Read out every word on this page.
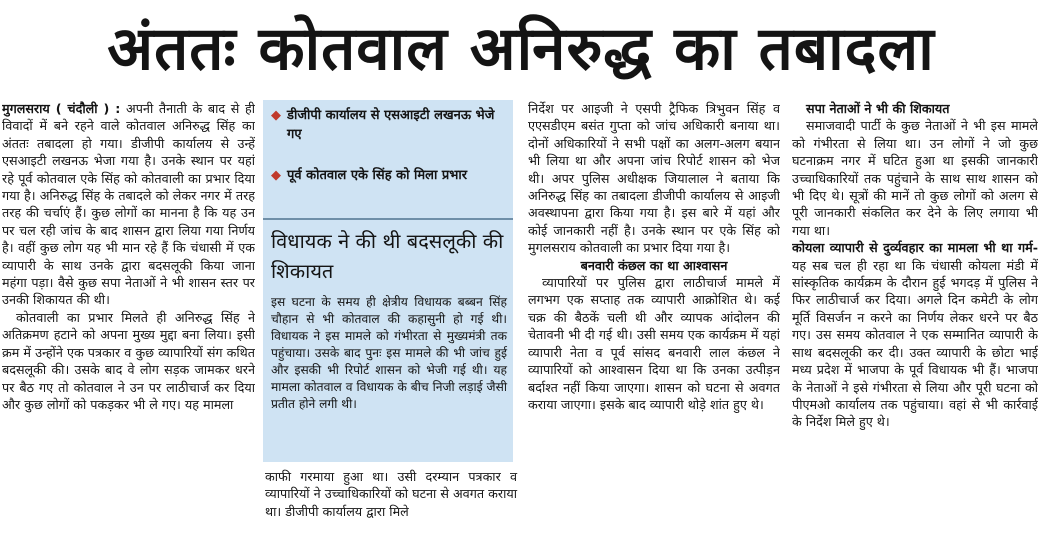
अंततः कोतवाल अनिरुद्ध का तबादला

मुगलसराय ( चंदौली ) : अपनी तैनाती के बाद से ही विवादों में बने रहने वाले कोतवाल अनिरुद्ध सिंह का अंततः तबादला हो गया। डीजीपी कार्यालय से उन्हें एसआइटी लखनऊ भेजा गया है। उनके स्थान पर यहां रहे पूर्व कोतवाल एके सिंह को कोतवाली का प्रभार दिया गया है। अनिरुद्ध सिंह के तबादले को लेकर नगर में तरह तरह की चर्चाएं हैं। कुछ लोगों का मानना है कि यह उन पर चल रही जांच के बाद शासन द्वारा लिया गया निर्णय है। वहीं कुछ लोग यह भी मान रहे हैं कि चंधासी में एक व्यापारी के साथ उनके द्वारा बदसलूकी किया जाना महंगा पड़ा। वैसे कुछ सपा नेताओं ने भी शासन स्तर पर उनकी शिकायत की थी।

कोतवाली का प्रभार मिलते ही अनिरुद्ध सिंह ने अतिक्रमण हटाने को अपना मुख्य मुद्दा बना लिया। इसी क्रम में उन्होंने एक पत्रकार व कुछ व्यापारियों संग कथित बदसलूकी की। उसके बाद वे लोग सड़क जामकर धरने पर बैठ गए तो कोतवाल ने उन पर लाठीचार्ज कर दिया और कुछ लोगों को पकड़कर भी ले गए। यह मामला

◆ डीजीपी कार्यालय से एसआइटी लखनऊ भेजे गए
◆ पूर्व कोतवाल एके सिंह को मिला प्रभार
विधायक ने की थी बदसलूकी की शिकायत

इस घटना के समय ही क्षेत्रीय विधायक बब्बन सिंह चौहान से भी कोतवाल की कहासुनी हो गई थी। विधायक ने इस मामले को गंभीरता से मुख्यमंत्री तक पहुंचाया। उसके बाद पुनः इस मामले की भी जांच हुई और इसकी भी रिपोर्ट शासन को भेजी गई थी। यह मामला कोतवाल व विधायक के बीच निजी लड़ाई जैसी प्रतीत होने लगी थी।

काफी गरमाया हुआ था। उसी दरम्यान पत्रकार व व्यापारियों ने उच्चाधिकारियों को घटना से अवगत कराया था। डीजीपी कार्यालय द्वारा मिले

निर्देश पर आइजी ने एसपी ट्रैफिक त्रिभुवन सिंह व एएसडीएम बसंत गुप्ता को जांच अधिकारी बनाया था। दोनों अधिकारियों ने सभी पक्षों का अलग-अलग बयान भी लिया था और अपना जांच रिपोर्ट शासन को भेज थी। अपर पुलिस अधीक्षक जियालाल ने बताया कि अनिरुद्ध सिंह का तबादला डीजीपी कार्यालय से आइजी अवस्थापना द्वारा किया गया है। इस बारे में यहां और कोई जानकारी नहीं है। उनके स्थान पर एके सिंह को मुगलसराय कोतवाली का प्रभार दिया गया है।

बनवारी कंछल का था आश्वासन

व्यापारियों पर पुलिस द्वारा लाठीचार्ज मामले में लगभग एक सप्ताह तक व्यापारी आक्रोशित थे। कई चक्र की बैठकें चली थी और व्यापक आंदोलन की चेतावनी भी दी गई थी। उसी समय एक कार्यक्रम में यहां व्यापारी नेता व पूर्व सांसद बनवारी लाल कंछल ने व्यापारियों को आश्वासन दिया था कि उनका उत्पीड़न बर्दाश्त नहीं किया जाएगा। शासन को घटना से अवगत कराया जाएगा। इसके बाद व्यापारी थोड़े शांत हुए थे।

सपा नेताओं ने भी की शिकायत

समाजवादी पार्टी के कुछ नेताओं ने भी इस मामले को गंभीरता से लिया था। उन लोगों ने जो कुछ घटनाक्रम नगर में घटित हुआ था इसकी जानकारी उच्चाधिकारियों तक पहुंचाने के साथ साथ शासन को भी दिए थे। सूत्रों की मानें तो कुछ लोगों को अलग से पूरी जानकारी संकलित कर देने के लिए लगाया भी गया था।

कोयला व्यापारी से दुर्व्यवहार का मामला भी था गर्म-यह सब चल ही रहा था कि चंधासी कोयला मंडी में सांस्कृतिक कार्यक्रम के दौरान हुई भगदड़ में पुलिस ने फिर लाठीचार्ज कर दिया। अगले दिन कमेटी के लोग मूर्ति विसर्जन न करने का निर्णय लेकर धरने पर बैठ गए। उस समय कोतवाल ने एक सम्मानित व्यापारी के साथ बदसलूकी कर दी। उक्त व्यापारी के छोटा भाई मध्य प्रदेश में भाजपा के पूर्व विधायक भी हैं। भाजपा के नेताओं ने इसे गंभीरता से लिया और पूरी घटना को पीएमओ कार्यालय तक पहुंचाया। वहां से भी कार्रवाई के निर्देश मिले हुए थे।
